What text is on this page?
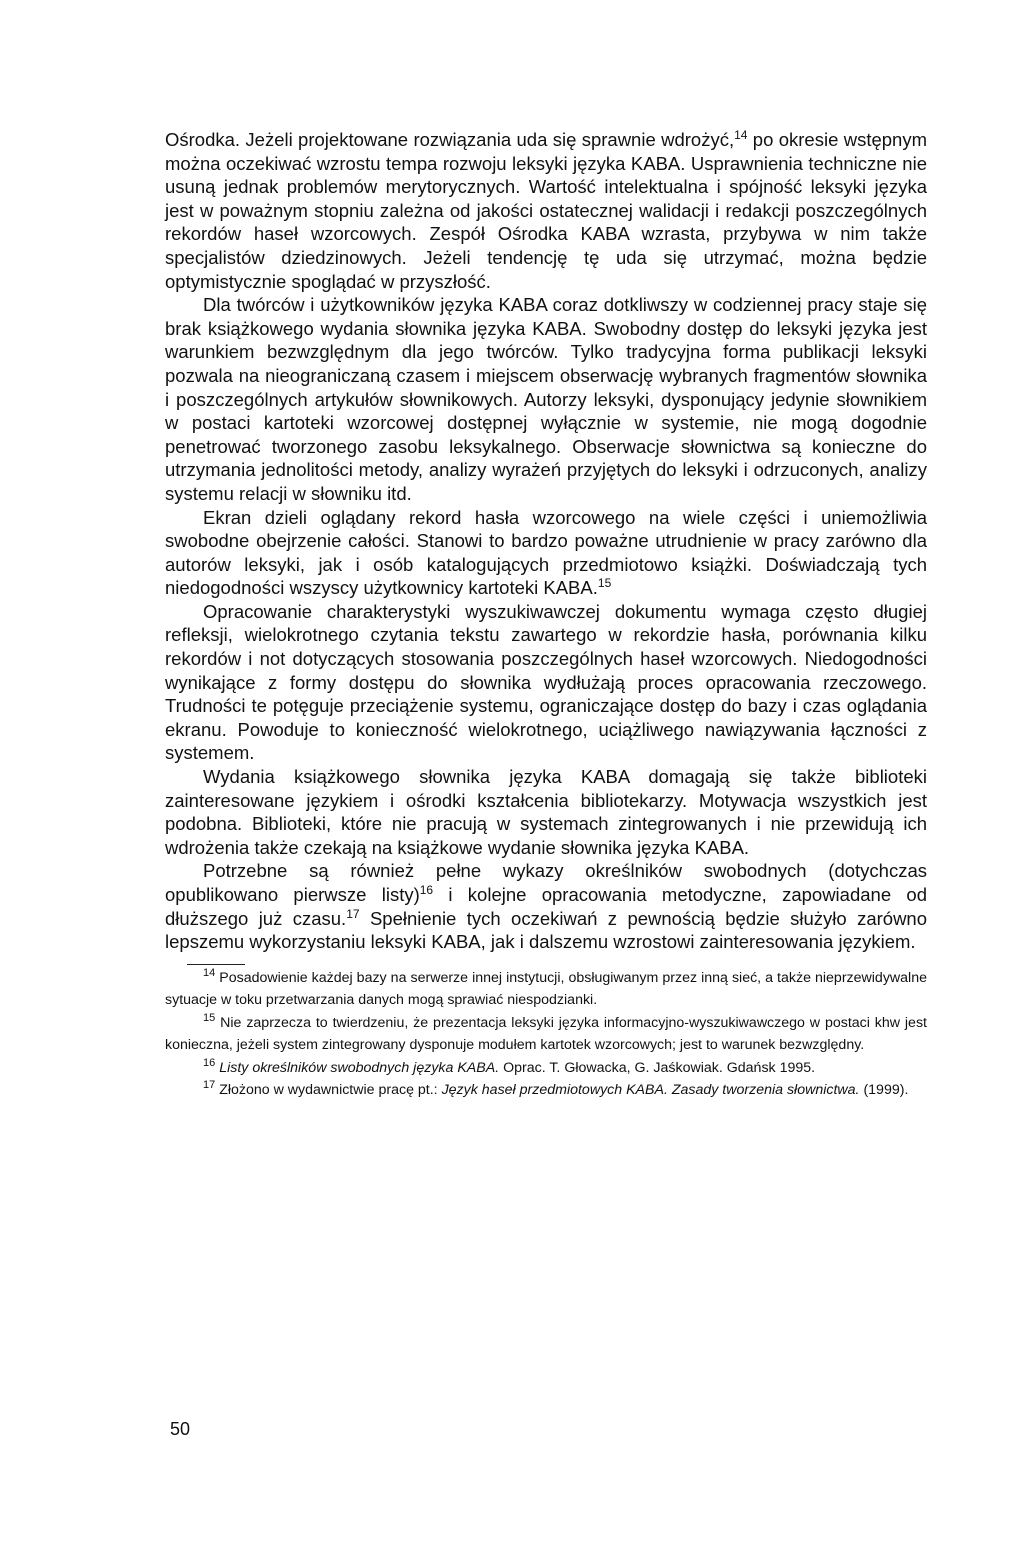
Ośrodka. Jeżeli projektowane rozwiązania uda się sprawnie wdrożyć,$^{14}$ po okresie wstępnym można oczekiwać wzrostu tempa rozwoju leksyki języka KABA. Usprawnienia techniczne nie usuną jednak problemów merytorycznych. Wartość intelektualna i spójność leksyki języka jest w poważnym stopniu zależna od jakości ostatecznej walidacji i redakcji poszczególnych rekordów haseł wzorcowych. Zespół Ośrodka KABA wzrasta, przybywa w nim także specjalistów dziedzinowych. Jeżeli tendencję tę uda się utrzymać, można będzie optymistycznie spoglądać w przyszłość.

Dla twórców i użytkowników języka KABA coraz dotkliwszy w codziennej pracy staje się brak książkowego wydania słownika języka KABA. Swobodny dostęp do leksyki języka jest warunkiem bezwzględnym dla jego twórców. Tylko tradycyjna forma publikacji leksyki pozwala na nieograniczaną czasem i miejscem obserwację wybranych fragmentów słownika i poszczególnych artykułów słownikowych. Autorzy leksyki, dysponujący jedynie słownikiem w postaci kartoteki wzorcowej dostępnej wyłącznie w systemie, nie mogą dogodnie penetrować tworzonego zasobu leksykalnego. Obserwacje słownictwa są konieczne do utrzymania jednolitości metody, analizy wyrażeń przyjętych do leksyki i odrzuconych, analizy systemu relacji w słowniku itd.

Ekran dzieli oglądany rekord hasła wzorcowego na wiele części i uniemożliwia swobodne obejrzenie całości. Stanowi to bardzo poważne utrudnienie w pracy zarówno dla autorów leksyki, jak i osób katalogujących przedmiotowo książki. Doświadczają tych niedogodności wszyscy użytkownicy kartoteki KABA.$^{15}$

Opracowanie charakterystyki wyszukiwawczej dokumentu wymaga często długiej refleksji, wielokrotnego czytania tekstu zawartego w rekordzie hasła, porównania kilku rekordów i not dotyczących stosowania poszczególnych haseł wzorcowych. Niedogodności wynikające z formy dostępu do słownika wydłużają proces opracowania rzeczowego. Trudności te potęguje przeciążenie systemu, ograniczające dostęp do bazy i czas oglądania ekranu. Powoduje to konieczność wielokrotnego, uciążliwego nawiązywania łączności z systemem.

Wydania książkowego słownika języka KABA domagają się także biblioteki zainteresowane językiem i ośrodki kształcenia bibliotekarzy. Motywacja wszystkich jest podobna. Biblioteki, które nie pracują w systemach zintegrowanych i nie przewidują ich wdrożenia także czekają na książkowe wydanie słownika języka KABA.

Potrzebne są również pełne wykazy określników swobodnych (dotychczas opublikowano pierwsze listy)$^{16}$ i kolejne opracowania metodyczne, zapowiadane od dłuższego już czasu.$^{17}$ Spełnienie tych oczekiwań z pewnością będzie służyło zarówno lepszemu wykorzystaniu leksyki KABA, jak i dalszemu wzrostowi zainteresowania językiem.

$^{14}$ Posadowienie każdej bazy na serwerze innej instytucji, obsługiwanym przez inną sieć, a także nieprzewidywalne sytuacje w toku przetwarzania danych mogą sprawiać niespodzianki.

$^{15}$ Nie zaprzecza to twierdzeniu, że prezentacja leksyki języka informacyjno-wyszukiwawczego w postaci khw jest konieczna, jeżeli system zintegrowany dysponuje modułem kartotek wzorcowych; jest to warunek bezwzględny.

$^{16}$ Listy określników swobodnych języka KABA. Oprac. T. Głowacka, G. Jaśkowiak. Gdańsk 1995.

$^{17}$ Złożono w wydawnictwie pracę pt.: Język haseł przedmiotowych KABA. Zasady tworzenia słownictwa. (1999).

50
